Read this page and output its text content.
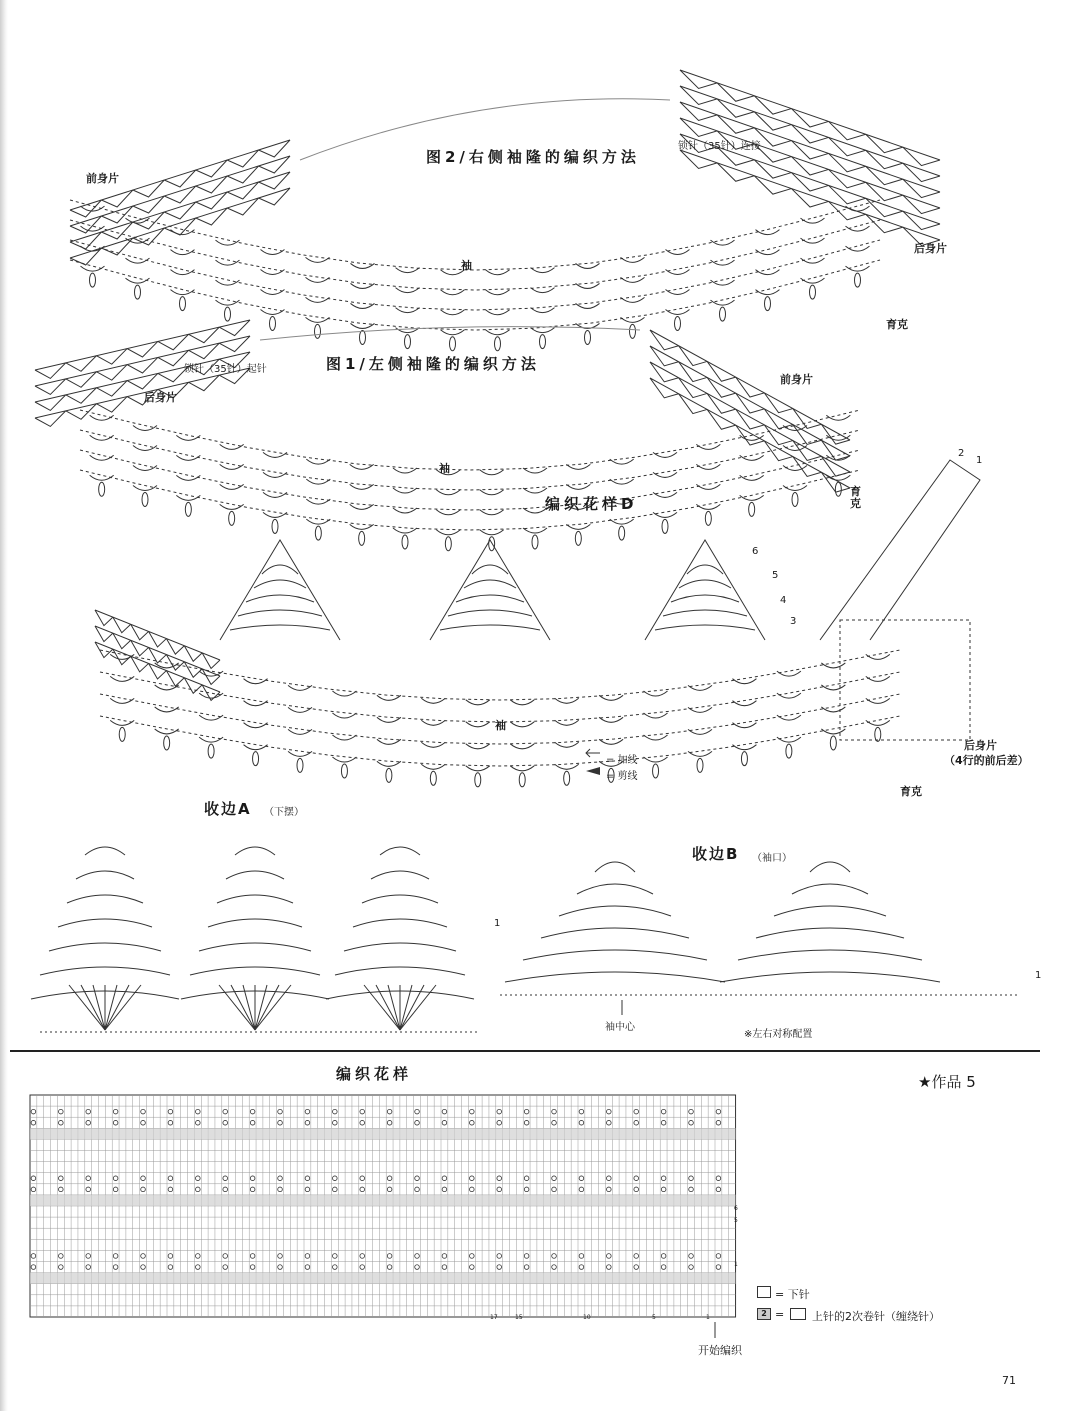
图2/右侧袖隆的编织方法
前身片
锁针（35针）连接
后身片
袖
育克
图1/左侧袖隆的编织方法
锁针（35针）起针
后身片
前身片
袖
育克
编织花样D
袖
= 加线
= 剪线
后身片
（4行的前后差）
育克
2
1
6
5
4
3
收边A （下摆）
1
收边B （袖口）
袖中心
※左右对称配置
1
编织花样	★作品 5
6
5
1
17	15	10	5	1
开始编织
= 下针
2 =	上针的2次卷针（缠绕针）
71
